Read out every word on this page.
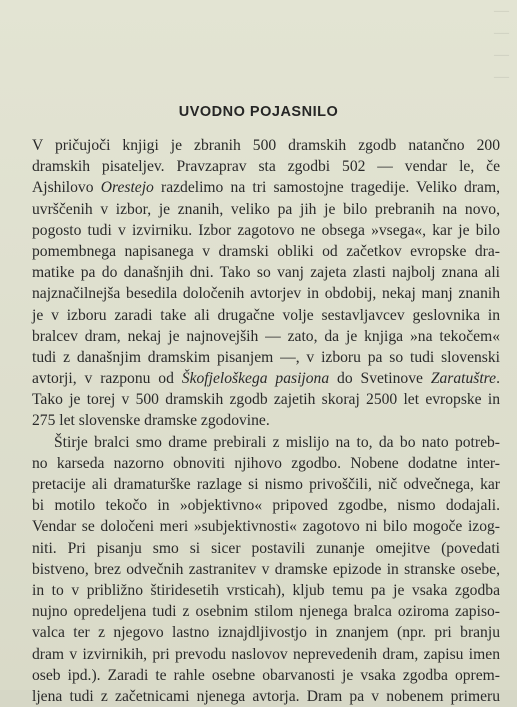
—
—
—
—
UVODNO POJASNILO
V pričujoči knjigi je zbranih 500 dramskih zgodb natančno 200
dramskih pisateljev. Pravzaprav sta zgodbi 502 — vendar le, če
Ajshilovo Orestejo razdelimo na tri samostojne tragedije. Veliko dram,
uvrščenih v izbor, je znanih, veliko pa jih je bilo prebranih na novo,
pogosto tudi v izvirniku. Izbor zagotovo ne obsega »vsega«, kar je bilo
pomembnega napisanega v dramski obliki od začetkov evropske dra-
matike pa do današnjih dni. Tako so vanj zajeta zlasti najbolj znana ali
najznačilnejša besedila določenih avtorjev in obdobij, nekaj manj znanih
je v izboru zaradi take ali drugačne volje sestavljavcev geslovnika in
bralcev dram, nekaj je najnovejših — zato, da je knjiga »na tekočem«
tudi z današnjim dramskim pisanjem —, v izboru pa so tudi slovenski
avtorji, v razponu od Škofjeloškega pasijona do Svetinove Zaratuštre.
Tako je torej v 500 dramskih zgodb zajetih skoraj 2500 let evropske in
275 let slovenske dramske zgodovine.
Štirje bralci smo drame prebirali z mislijo na to, da bo nato potreb-
no karseda nazorno obnoviti njihovo zgodbo. Nobene dodatne inter-
pretacije ali dramaturške razlage si nismo privoščili, nič odvečnega, kar
bi motilo tekočo in »objektivno« pripoved zgodbe, nismo dodajali.
Vendar se določeni meri »subjektivnosti« zagotovo ni bilo mogoče izog-
niti. Pri pisanju smo si sicer postavili zunanje omejitve (povedati
bistveno, brez odvečnih zastranitev v dramske epizode in stranske osebe,
in to v približno štiridesetih vrsticah), kljub temu pa je vsaka zgodba
nujno opredeljena tudi z osebnim stilom njenega bralca oziroma zapiso-
valca ter z njegovo lastno iznajdljivostjo in znanjem (npr. pri branju
dram v izvirnikih, pri prevodu naslovov neprevedenih dram, zapisu imen
oseb ipd.). Zaradi te rahle osebne obarvanosti je vsaka zgodba oprem-
ljena tudi z začetnicami njenega avtorja. Dram pa v nobenem primeru
